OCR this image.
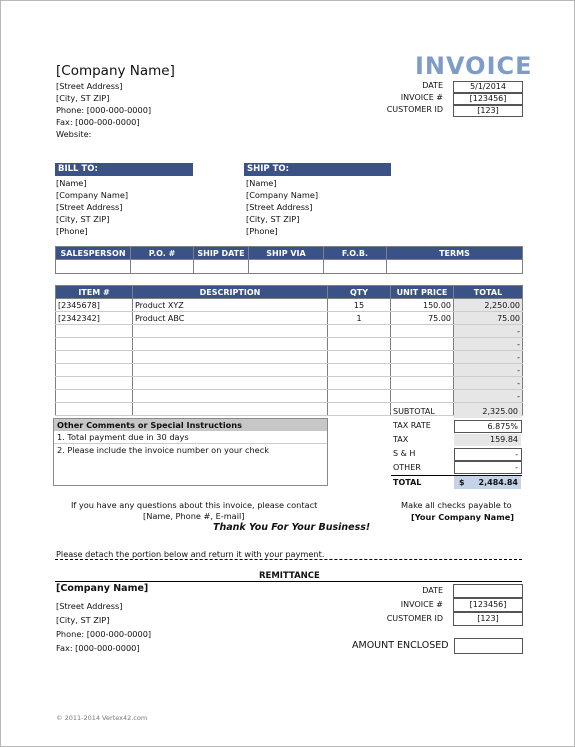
[Company Name]
[Street Address]
[City, ST ZIP]
Phone: [000-000-0000]
Fax: [000-000-0000]
Website:
INVOICE
DATE	5/1/2014
INVOICE #	[123456]
CUSTOMER ID	[123]
BILL TO:
[Name]
[Company Name]
[Street Address]
[City, ST ZIP]
[Phone]
SHIP TO:
[Name]
[Company Name]
[Street Address]
[City, ST ZIP]
[Phone]
SALESPERSON	P.O. #	SHIP DATE	SHIP VIA	F.O.B.	TERMS

ITEM #	DESCRIPTION	QTY	UNIT PRICE	TOTAL
[2345678]	Product XYZ	15	150.00	2,250.00
[2342342]	Product ABC	1	75.00	75.00
				-
				-
				-
				-
				-
				-

Other Comments or Special Instructions
1. Total payment due in 30 days
2. Please include the invoice number on your check
SUBTOTAL	2,325.00
TAX RATE	6.875%
TAX	159.84
S & H	-
OTHER	-
TOTAL	$ 2,484.84
If you have any questions about this invoice, please contact
[Name, Phone #, E-mail]
Make all checks payable to
[Your Company Name]
Thank You For Your Business!
Please detach the portion below and return it with your payment.
REMITTANCE
[Company Name]
[Street Address]
[City, ST ZIP]
Phone: [000-000-0000]
Fax: [000-000-0000]
DATE
INVOICE #	[123456]
CUSTOMER ID	[123]
AMOUNT ENCLOSED
© 2011-2014 Vertex42.com
